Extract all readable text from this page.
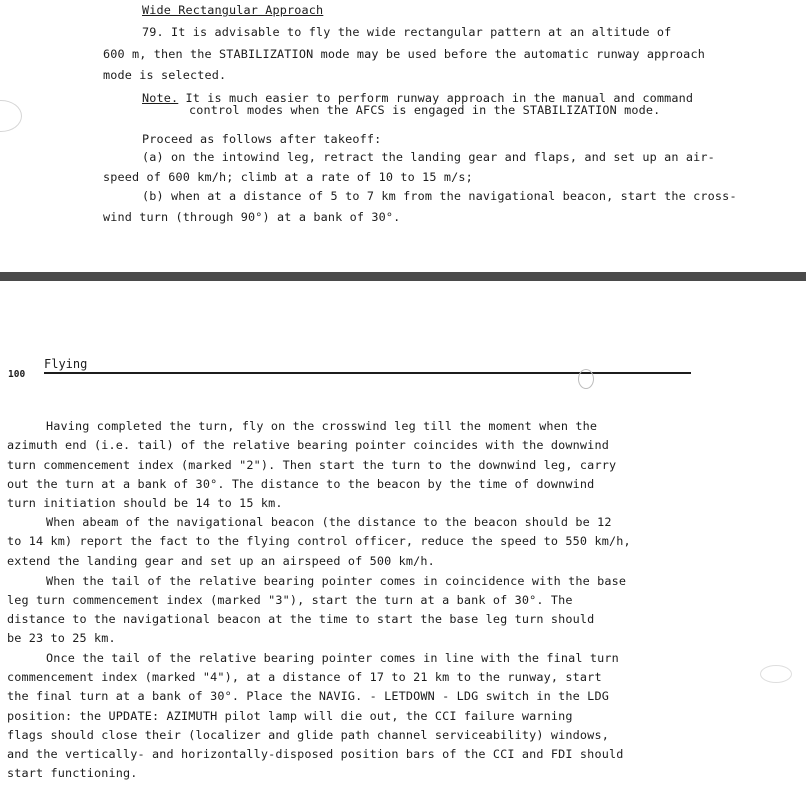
Wide Rectangular Approach
79. It is advisable to fly the wide rectangular pattern at an altitude of
600 m, then the STABILIZATION mode may be used before the automatic runway approach
mode is selected.
Note. It is much easier to perform runway approach in the manual and command
control modes when the AFCS is engaged in the STABILIZATION mode.
Proceed as follows after takeoff:
(a) on the intowind leg, retract the landing gear and flaps, and set up an air-
speed of 600 km/h; climb at a rate of 10 to 15 m/s;
(b) when at a distance of 5 to 7 km from the navigational beacon, start the cross-
wind turn (through 90°) at a bank of 30°.
100
Flying
Having completed the turn, fly on the crosswind leg till the moment when the
azimuth end (i.e. tail) of the relative bearing pointer coincides with the downwind
turn commencement index (marked "2"). Then start the turn to the downwind leg, carry
out the turn at a bank of 30°. The distance to the beacon by the time of downwind
turn initiation should be 14 to 15 km.
When abeam of the navigational beacon (the distance to the beacon should be 12
to 14 km) report the fact to the flying control officer, reduce the speed to 550 km/h,
extend the landing gear and set up an airspeed of 500 km/h.
When the tail of the relative bearing pointer comes in coincidence with the base
leg turn commencement index (marked "3"), start the turn at a bank of 30°. The
distance to the navigational beacon at the time to start the base leg turn should
be 23 to 25 km.
Once the tail of the relative bearing pointer comes in line with the final turn
commencement index (marked "4"), at a distance of 17 to 21 km to the runway, start
the final turn at a bank of 30°. Place the NAVIG. - LETDOWN - LDG switch in the LDG
position: the UPDATE: AZIMUTH pilot lamp will die out, the CCI failure warning
flags should close their (localizer and glide path channel serviceability) windows,
and the vertically- and horizontally-disposed position bars of the CCI and FDI should
start functioning.
